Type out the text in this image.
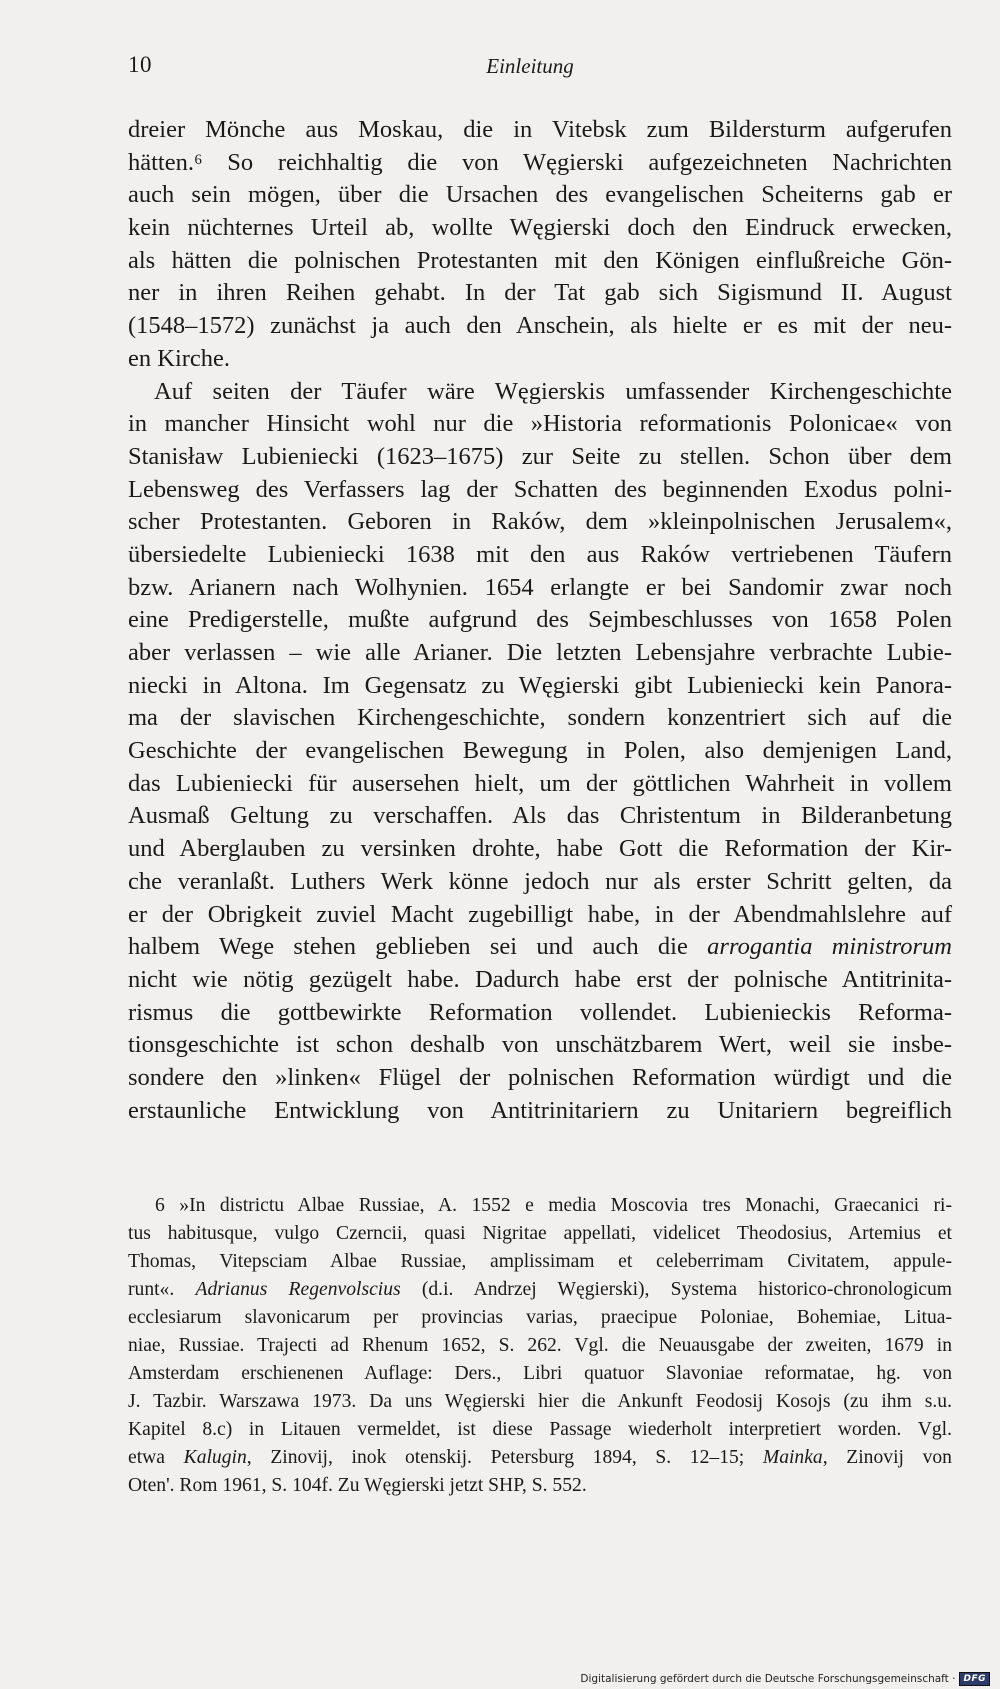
10	Einleitung
dreier Mönche aus Moskau, die in Vitebsk zum Bildersturm aufgerufen
hätten.⁶ So reichhaltig die von Węgierski aufgezeichneten Nachrichten
auch sein mögen, über die Ursachen des evangelischen Scheiterns gab er
kein nüchternes Urteil ab, wollte Węgierski doch den Eindruck erwecken,
als hätten die polnischen Protestanten mit den Königen einflußreiche Gön-
ner in ihren Reihen gehabt. In der Tat gab sich Sigismund II. August
(1548–1572) zunächst ja auch den Anschein, als hielte er es mit der neu-
en Kirche.
Auf seiten der Täufer wäre Węgierskis umfassender Kirchengeschichte
in mancher Hinsicht wohl nur die »Historia reformationis Polonicae« von
Stanisław Lubieniecki (1623–1675) zur Seite zu stellen. Schon über dem
Lebensweg des Verfassers lag der Schatten des beginnenden Exodus polni-
scher Protestanten. Geboren in Raków, dem »kleinpolnischen Jerusalem«,
übersiedelte Lubieniecki 1638 mit den aus Raków vertriebenen Täufern
bzw. Arianern nach Wolhynien. 1654 erlangte er bei Sandomir zwar noch
eine Predigerstelle, mußte aufgrund des Sejmbeschlusses von 1658 Polen
aber verlassen – wie alle Arianer. Die letzten Lebensjahre verbrachte Lubie-
niecki in Altona. Im Gegensatz zu Węgierski gibt Lubieniecki kein Panora-
ma der slavischen Kirchengeschichte, sondern konzentriert sich auf die
Geschichte der evangelischen Bewegung in Polen, also demjenigen Land,
das Lubieniecki für ausersehen hielt, um der göttlichen Wahrheit in vollem
Ausmaß Geltung zu verschaffen. Als das Christentum in Bilderanbetung
und Aberglauben zu versinken drohte, habe Gott die Reformation der Kir-
che veranlaßt. Luthers Werk könne jedoch nur als erster Schritt gelten, da
er der Obrigkeit zuviel Macht zugebilligt habe, in der Abendmahlslehre auf
halbem Wege stehen geblieben sei und auch die arrogantia ministrorum
nicht wie nötig gezügelt habe. Dadurch habe erst der polnische Antitrinita-
rismus die gottbewirkte Reformation vollendet. Lubienieckis Reforma-
tionsgeschichte ist schon deshalb von unschätzbarem Wert, weil sie insbe-
sondere den »linken« Flügel der polnischen Reformation würdigt und die
erstaunliche Entwicklung von Antitrinitariern zu Unitariern begreiflich
6 »In districtu Albae Russiae, A. 1552 e media Moscovia tres Monachi, Graecanici ri-
tus habitusque, vulgo Czerncii, quasi Nigritae appellati, videlicet Theodosius, Artemius et
Thomas, Vitepsciam Albae Russiae, amplissimam et celeberrimam Civitatem, appule-
runt«. Adrianus Regenvolscius (d.i. Andrzej Węgierski), Systema historico-chronologicum
ecclesiarum slavonicarum per provincias varias, praecipue Poloniae, Bohemiae, Litua-
niae, Russiae. Trajecti ad Rhenum 1652, S. 262. Vgl. die Neuausgabe der zweiten, 1679 in
Amsterdam erschienenen Auflage: Ders., Libri quatuor Slavoniae reformatae, hg. von
J. Tazbir. Warszawa 1973. Da uns Węgierski hier die Ankunft Feodosij Kosojs (zu ihm s.u.
Kapitel 8.c) in Litauen vermeldet, ist diese Passage wiederholt interpretiert worden. Vgl.
etwa Kalugin, Zinovij, inok otenskij. Petersburg 1894, S. 12–15; Mainka, Zinovij von
Oten'. Rom 1961, S. 104f. Zu Węgierski jetzt SHP, S. 552.
Digitalisierung gefördert durch die Deutsche Forschungsgemeinschaft · DFG
